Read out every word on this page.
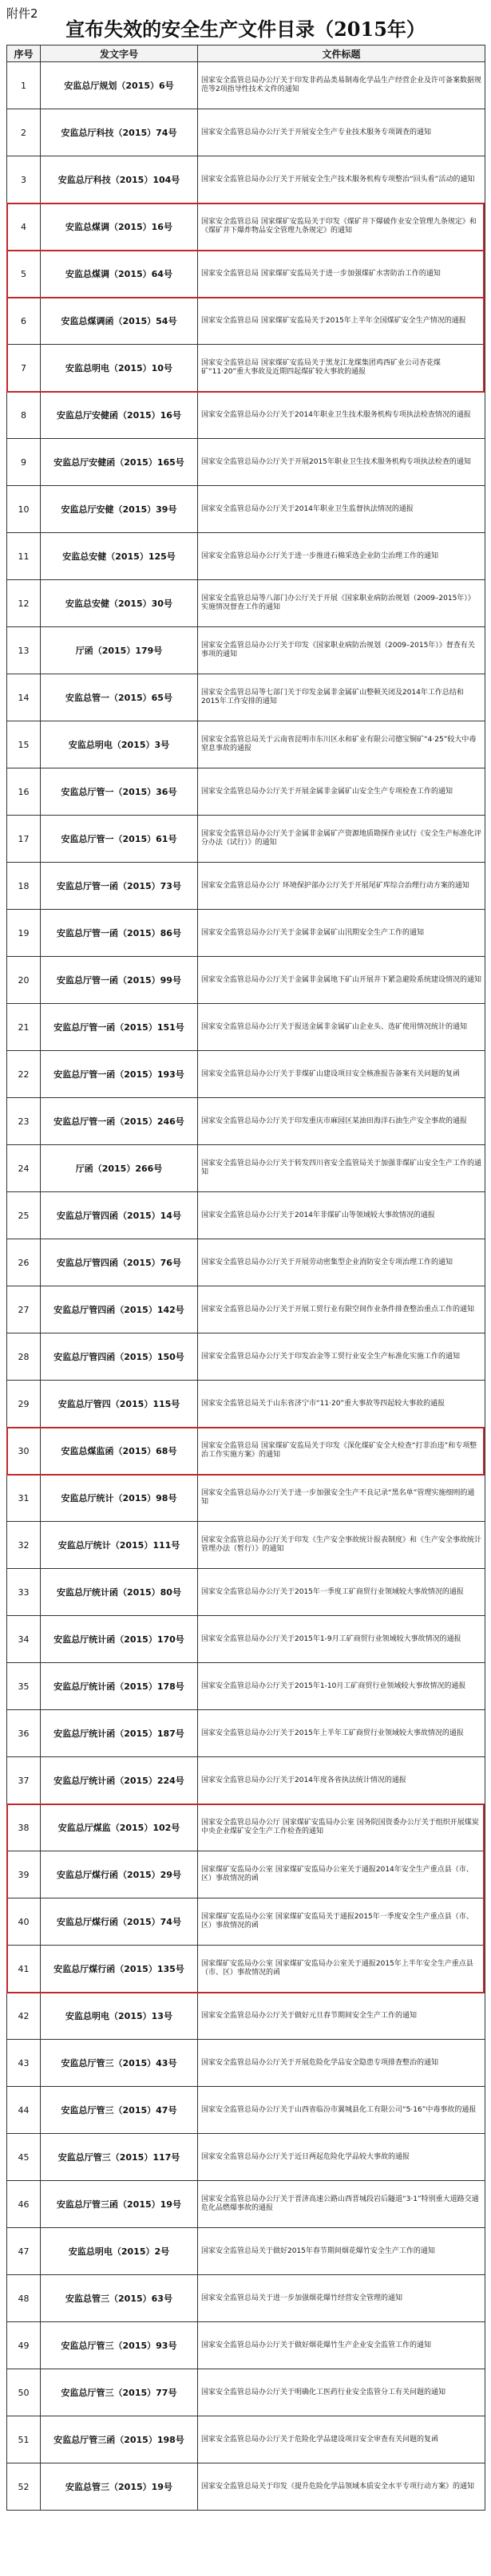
附件2
宣布失效的安全生产文件目录（2015年）
序号	发文字号	文件标题
1	安监总厅规划（2015）6号	国家安全监管总局办公厅关于印发非药品类易制毒化学品生产经营企业及许可备案数据规范等2项指导性技术文件的通知
2	安监总厅科技（2015）74号	国家安全监管总局办公厅关于开展安全生产专业技术服务专项调查的通知
3	安监总厅科技（2015）104号	国家安全监管总局办公厅关于开展安全生产技术服务机构专项整治“回头看”活动的通知
4	安监总煤调（2015）16号	国家安全监管总局 国家煤矿安监局关于印发《煤矿井下爆破作业安全管理九条规定》和《煤矿井下爆炸物品安全管理九条规定》的通知
5	安监总煤调（2015）64号	国家安全监管总局 国家煤矿安监局关于进一步加强煤矿水害防治工作的通知
6	安监总煤调函（2015）54号	国家安全监管总局 国家煤矿安监局关于2015年上半年全国煤矿安全生产情况的通报
7	安监总明电（2015）10号	国家安全监管总局 国家煤矿安监局关于黑龙江龙煤集团鸡西矿业公司杏花煤矿“11·20”重大事故及近期四起煤矿较大事故的通报
8	安监总厅安健函（2015）16号	国家安全监管总局办公厅关于2014年职业卫生技术服务机构专项执法检查情况的通报
9	安监总厅安健函（2015）165号	国家安全监管总局办公厅关于开展2015年职业卫生技术服务机构专项执法检查的通知
10	安监总厅安健（2015）39号	国家安全监管总局办公厅关于2014年职业卫生监督执法情况的通报
11	安监总安健（2015）125号	国家安全监管总局办公厅关于进一步推进石棉采选企业防尘治理工作的通知
12	安监总安健（2015）30号	国家安全监管总局等八部门办公厅关于开展《国家职业病防治规划（2009–2015年）》实施情况督查工作的通知
13	厅函（2015）179号	国家安全监管总局办公厅关于印发《国家职业病防治规划（2009–2015年）》督查有关事项的通知
14	安监总管一（2015）65号	国家安全监管总局等七部门关于印发金属非金属矿山整顿关闭及2014年工作总结和2015年工作安排的通知
15	安监总明电（2015）3号	国家安全监管总局关于云南省昆明市东川区永和矿业有限公司德宝铜矿“4·25”较大中毒窒息事故的通报
16	安监总厅管一（2015）36号	国家安全监管总局办公厅关于开展金属非金属矿山安全生产专项检查工作的通知
17	安监总厅管一（2015）61号	国家安全监管总局办公厅关于金属非金属矿产资源地质勘探作业试行《安全生产标准化评分办法（试行）》的通知
18	安监总厅管一函（2015）73号	国家安全监管总局办公厅 环境保护部办公厅关于开展尾矿库综合治理行动方案的通知
19	安监总厅管一函（2015）86号	国家安全监管总局办公厅关于金属非金属矿山汛期安全生产工作的通知
20	安监总厅管一函（2015）99号	国家安全监管总局办公厅关于金属非金属地下矿山开展井下紧急避险系统建设情况的通知
21	安监总厅管一函（2015）151号	国家安全监管总局办公厅关于报送金属非金属矿山企业头、选矿使用情况统计的通知
22	安监总厅管一函（2015）193号	国家安全监管总局办公厅关于非煤矿山建设项目安全核准报告备案有关问题的复函
23	安监总厅管一函（2015）246号	国家安全监管总局办公厅关于印发重庆市麻园区某油田海洋石油生产安全事故的通报
24	厅函（2015）266号	国家安全监管总局办公厅关于转发四川省安全监管局关于加强非煤矿山安全生产工作的通知
25	安监总厅管四函（2015）14号	国家安全监管总局办公厅关于2014年非煤矿山等领域较大事故情况的通报
26	安监总厅管四函（2015）76号	国家安全监管总局办公厅关于开展劳动密集型企业消防安全专项治理工作的通知
27	安监总厅管四函（2015）142号	国家安全监管总局办公厅关于开展工贸行业有限空间作业条件排查整治重点工作的通知
28	安监总厅管四函（2015）150号	国家安全监管总局办公厅关于印发冶金等工贸行业安全生产标准化实施工作的通知
29	安监总厅管四（2015）115号	国家安全监管总局关于山东省济宁市“11·20”重大事故等四起较大事故的通报
30	安监总煤监函（2015）68号	国家安全监管总局 国家煤矿安监局关于印发《深化煤矿安全大检查“打非治违”和专项整治工作实施方案》的通知
31	安监总厅统计（2015）98号	国家安全监管总局办公厅关于进一步加强安全生产不良记录“黑名单”管理实施细则的通知
32	安监总厅统计（2015）111号	国家安全监管总局办公厅关于印发《生产安全事故统计报表制度》和《生产安全事故统计管理办法（暂行）》的通知
33	安监总厅统计函（2015）80号	国家安全监管总局办公厅关于2015年一季度工矿商贸行业领域较大事故情况的通报
34	安监总厅统计函（2015）170号	国家安全监管总局办公厅关于2015年1-9月工矿商贸行业领域较大事故情况的通报
35	安监总厅统计函（2015）178号	国家安全监管总局办公厅关于2015年1-10月工矿商贸行业领域较大事故情况的通报
36	安监总厅统计函（2015）187号	国家安全监管总局办公厅关于2015年上半年工矿商贸行业领域较大事故情况的通报
37	安监总厅统计函（2015）224号	国家安全监管总局办公厅关于2014年度各省执法统计情况的通报
38	安监总厅煤监（2015）102号	国家安全监管总局办公厅 国家煤矿安监局办公室 国务院国资委办公厅关于组织开展煤炭中央企业煤矿安全生产工作检查的通知
39	安监总厅煤行函（2015）29号	国家煤矿安监局办公室 国家煤矿安监局办公室关于通报2014年安全生产重点县（市、区）事故情况的函
40	安监总厅煤行函（2015）74号	国家煤矿安监局办公室 国家煤矿安监局关于通报2015年一季度安全生产重点县（市、区）事故情况的函
41	安监总厅煤行函（2015）135号	国家煤矿安监局办公室 国家煤矿安监局办公室关于通报2015年上半年安全生产重点县（市、区）事故情况的函
42	安监总明电（2015）13号	国家安全监管总局办公厅关于做好元旦春节期间安全生产工作的通知
43	安监总厅管三（2015）43号	国家安全监管总局办公厅关于开展危险化学品安全隐患专项排查整治的通知
44	安监总厅管三（2015）47号	国家安全监管总局办公厅关于山西省临汾市翼城县化工有限公司“5·16”中毒事故的通报
45	安监总厅管三（2015）117号	国家安全监管总局办公厅关于近日两起危险化学品较大事故的通报
46	安监总厅管三函（2015）19号	国家安全监管总局办公厅关于晋济高速公路山西晋城段岩后隧道“3·1”特别重大道路交通危化品燃爆事故的通报
47	安监总明电（2015）2号	国家安全监管总局关于做好2015年春节期间烟花爆竹安全生产工作的通知
48	安监总管三（2015）63号	国家安全监管总局关于进一步加强烟花爆竹经营安全管理的通知
49	安监总厅管三（2015）93号	国家安全监管总局办公厅关于做好烟花爆竹生产企业安全监管工作的通知
50	安监总厅管三（2015）77号	国家安全监管总局办公厅关于明确化工医药行业安全监管分工有关问题的通知
51	安监总厅管三函（2015）198号	国家安全监管总局办公厅关于危险化学品建设项目安全审查有关问题的复函
52	安监总管三（2015）19号	国家安全监管总局关于印发《提升危险化学品领域本质安全水平专项行动方案》的通知
